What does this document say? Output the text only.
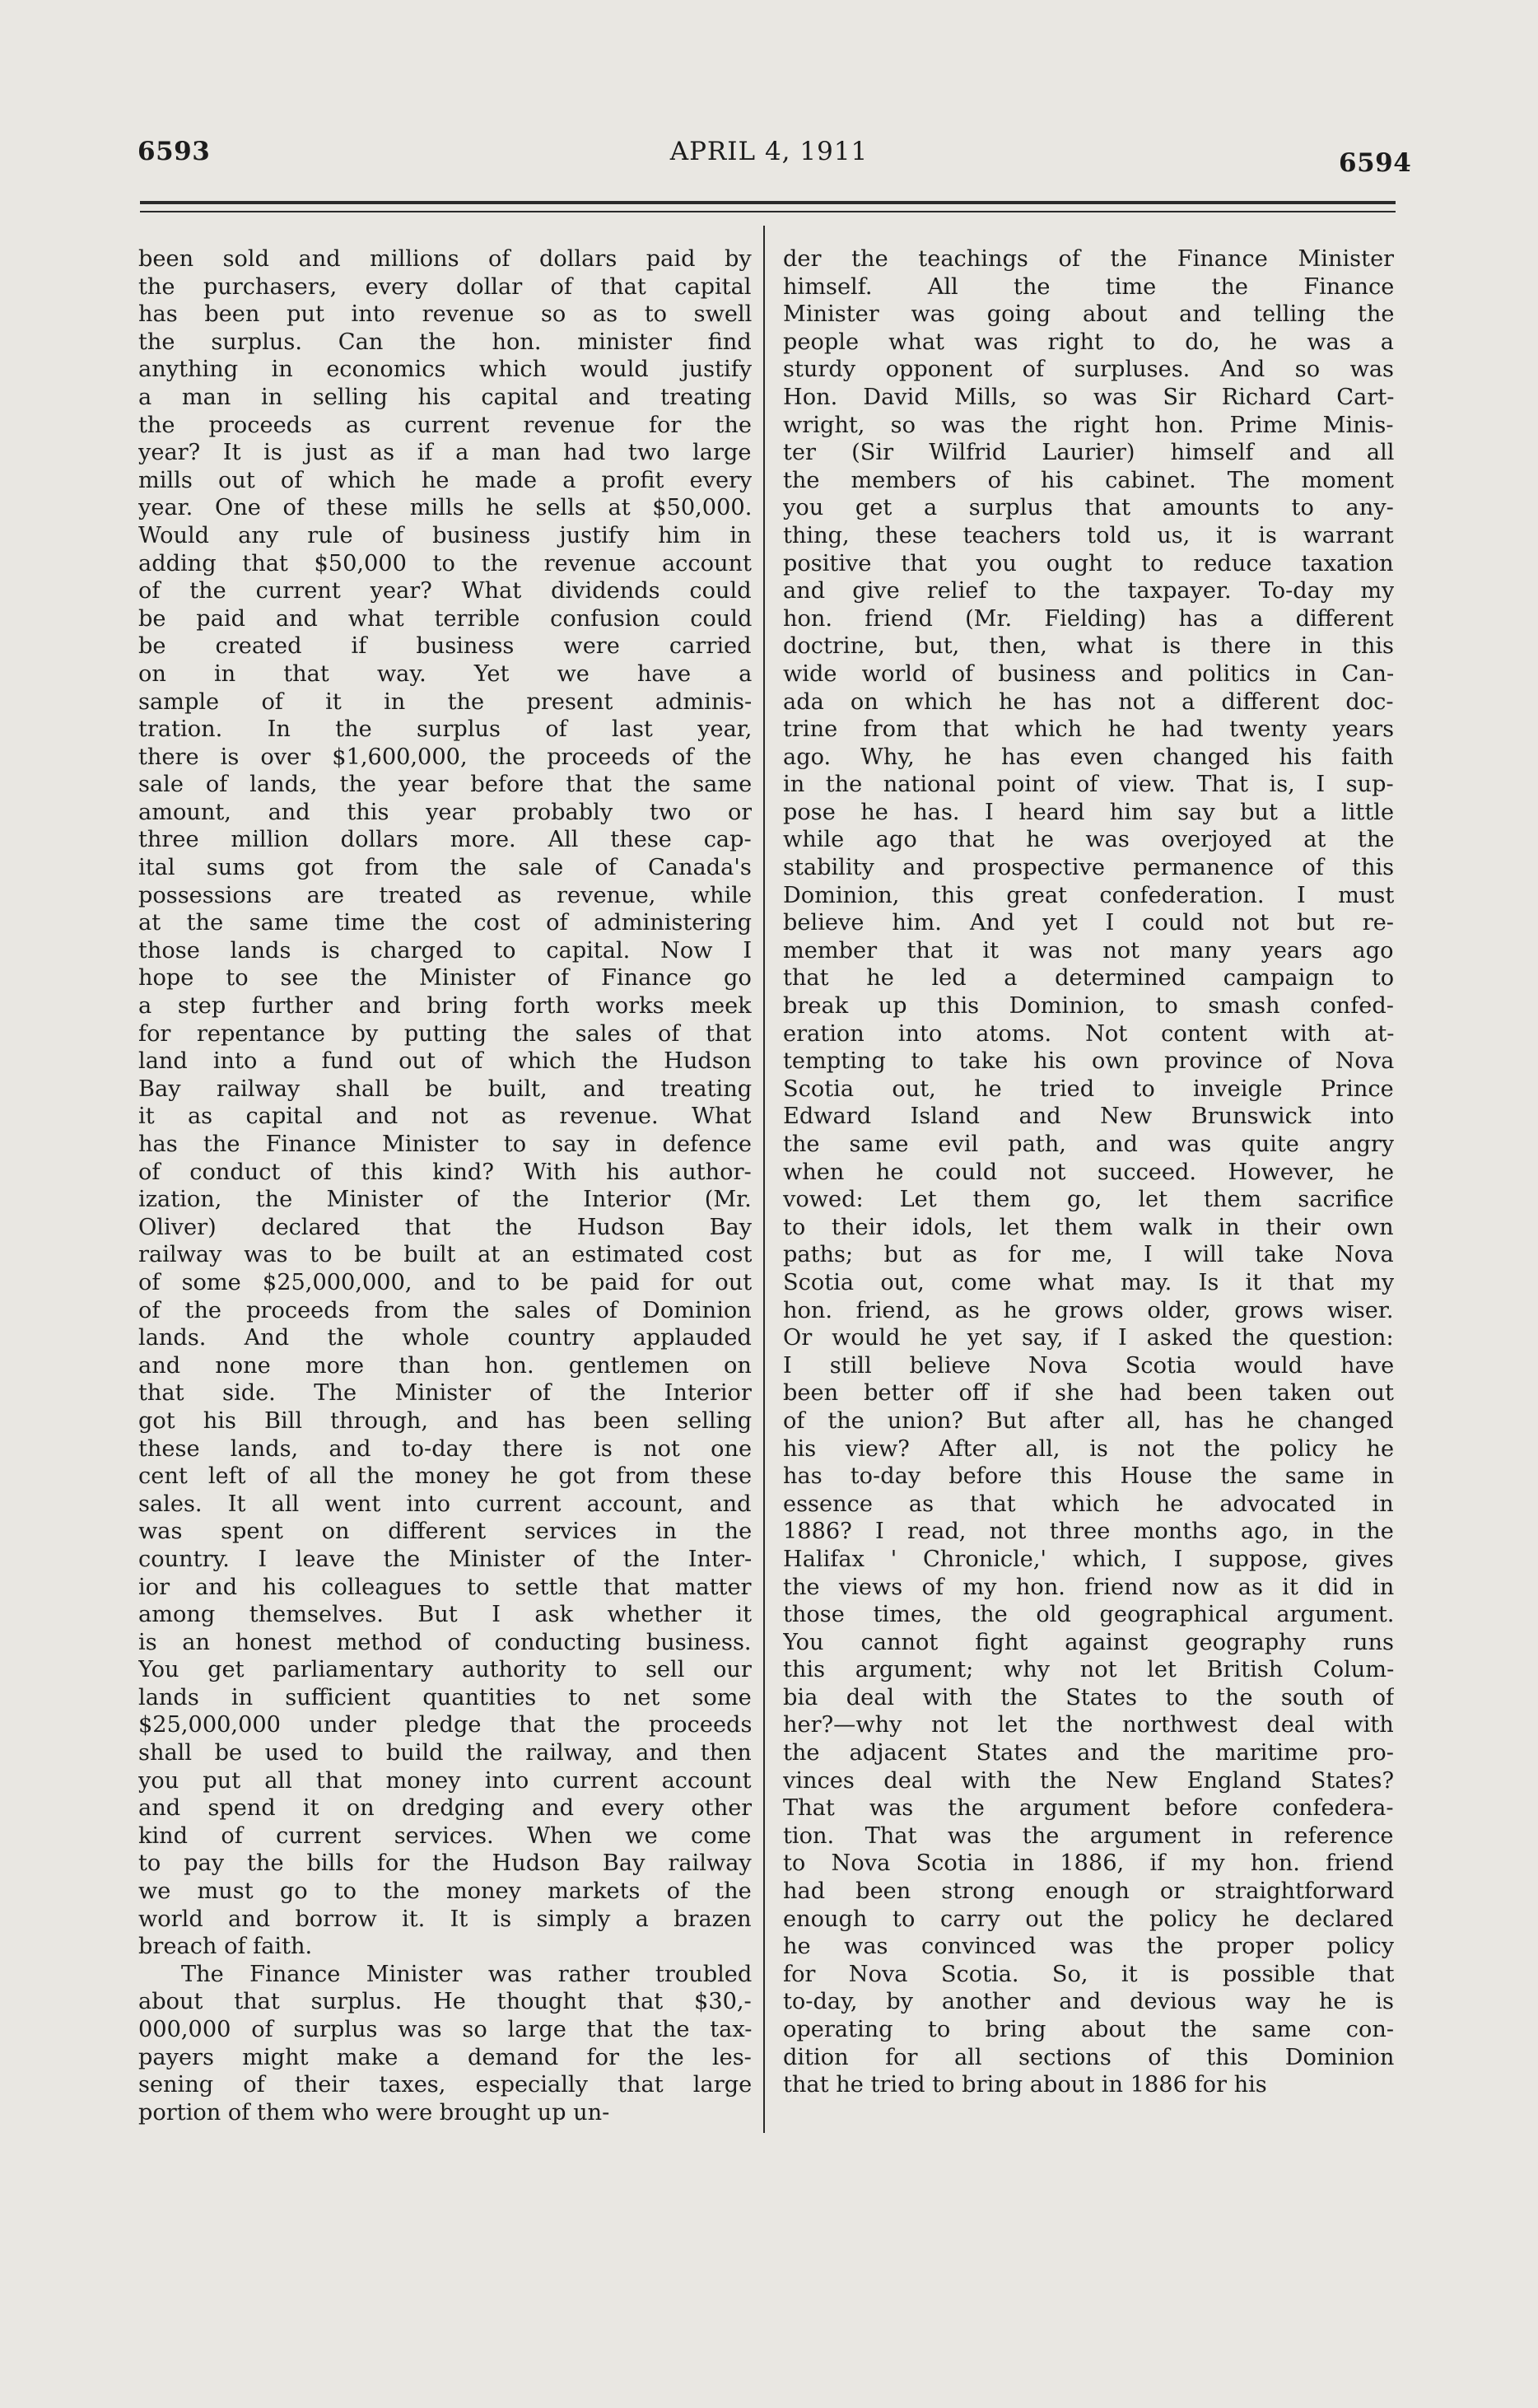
6593	APRIL 4, 1911	6594
been sold and millions of dollars paid by
the purchasers, every dollar of that capital
has been put into revenue so as to swell
the surplus. Can the hon. minister find
anything in economics which would justify
a man in selling his capital and treating
the proceeds as current revenue for the
year? It is just as if a man had two large
mills out of which he made a profit every
year. One of these mills he sells at $50,000.
Would any rule of business justify him in
adding that $50,000 to the revenue account
of the current year? What dividends could
be paid and what terrible confusion could
be created if business were carried
on in that way. Yet we have a
sample of it in the present adminis-
tration. In the surplus of last year,
there is over $1,600,000, the proceeds of the
sale of lands, the year before that the same
amount, and this year probably two or
three million dollars more. All these cap-
ital sums got from the sale of Canada's
possessions are treated as revenue, while
at the same time the cost of administering
those lands is charged to capital. Now I
hope to see the Minister of Finance go
a step further and bring forth works meek
for repentance by putting the sales of that
land into a fund out of which the Hudson
Bay railway shall be built, and treating
it as capital and not as revenue. What
has the Finance Minister to say in defence
of conduct of this kind? With his author-
ization, the Minister of the Interior (Mr.
Oliver) declared that the Hudson Bay
railway was to be built at an estimated cost
of some $25,000,000, and to be paid for out
of the proceeds from the sales of Dominion
lands. And the whole country applauded
and none more than hon. gentlemen on
that side. The Minister of the Interior
got his Bill through, and has been selling
these lands, and to-day there is not one
cent left of all the money he got from these
sales. It all went into current account, and
was spent on different services in the
country. I leave the Minister of the Inter-
ior and his colleagues to settle that matter
among themselves. But I ask whether it
is an honest method of conducting business.
You get parliamentary authority to sell our
lands in sufficient quantities to net some
$25,000,000 under pledge that the proceeds
shall be used to build the railway, and then
you put all that money into current account
and spend it on dredging and every other
kind of current services. When we come
to pay the bills for the Hudson Bay railway
we must go to the money markets of the
world and borrow it. It is simply a brazen
breach of faith.
The Finance Minister was rather troubled
about that surplus. He thought that $30,-
000,000 of surplus was so large that the tax-
payers might make a demand for the les-
sening of their taxes, especially that large
portion of them who were brought up un-
der the teachings of the Finance Minister
himself. All the time the Finance
Minister was going about and telling the
people what was right to do, he was a
sturdy opponent of surpluses. And so was
Hon. David Mills, so was Sir Richard Cart-
wright, so was the right hon. Prime Minis-
ter (Sir Wilfrid Laurier) himself and all
the members of his cabinet. The moment
you get a surplus that amounts to any-
thing, these teachers told us, it is warrant
positive that you ought to reduce taxation
and give relief to the taxpayer. To-day my
hon. friend (Mr. Fielding) has a different
doctrine, but, then, what is there in this
wide world of business and politics in Can-
ada on which he has not a different doc-
trine from that which he had twenty years
ago. Why, he has even changed his faith
in the national point of view. That is, I sup-
pose he has. I heard him say but a little
while ago that he was overjoyed at the
stability and prospective permanence of this
Dominion, this great confederation. I must
believe him. And yet I could not but re-
member that it was not many years ago
that he led a determined campaign to
break up this Dominion, to smash confed-
eration into atoms. Not content with at-
tempting to take his own province of Nova
Scotia out, he tried to inveigle Prince
Edward Island and New Brunswick into
the same evil path, and was quite angry
when he could not succeed. However, he
vowed: Let them go, let them sacrifice
to their idols, let them walk in their own
paths; but as for me, I will take Nova
Scotia out, come what may. Is it that my
hon. friend, as he grows older, grows wiser.
Or would he yet say, if I asked the question:
I still believe Nova Scotia would have
been better off if she had been taken out
of the union? But after all, has he changed
his view? After all, is not the policy he
has to-day before this House the same in
essence as that which he advocated in
1886? I read, not three months ago, in the
Halifax ' Chronicle,' which, I suppose, gives
the views of my hon. friend now as it did in
those times, the old geographical argument.
You cannot fight against geography runs
this argument; why not let British Colum-
bia deal with the States to the south of
her?—why not let the northwest deal with
the adjacent States and the maritime pro-
vinces deal with the New England States?
That was the argument before confedera-
tion. That was the argument in reference
to Nova Scotia in 1886, if my hon. friend
had been strong enough or straightforward
enough to carry out the policy he declared
he was convinced was the proper policy
for Nova Scotia. So, it is possible that
to-day, by another and devious way he is
operating to bring about the same con-
dition for all sections of this Dominion
that he tried to bring about in 1886 for his
